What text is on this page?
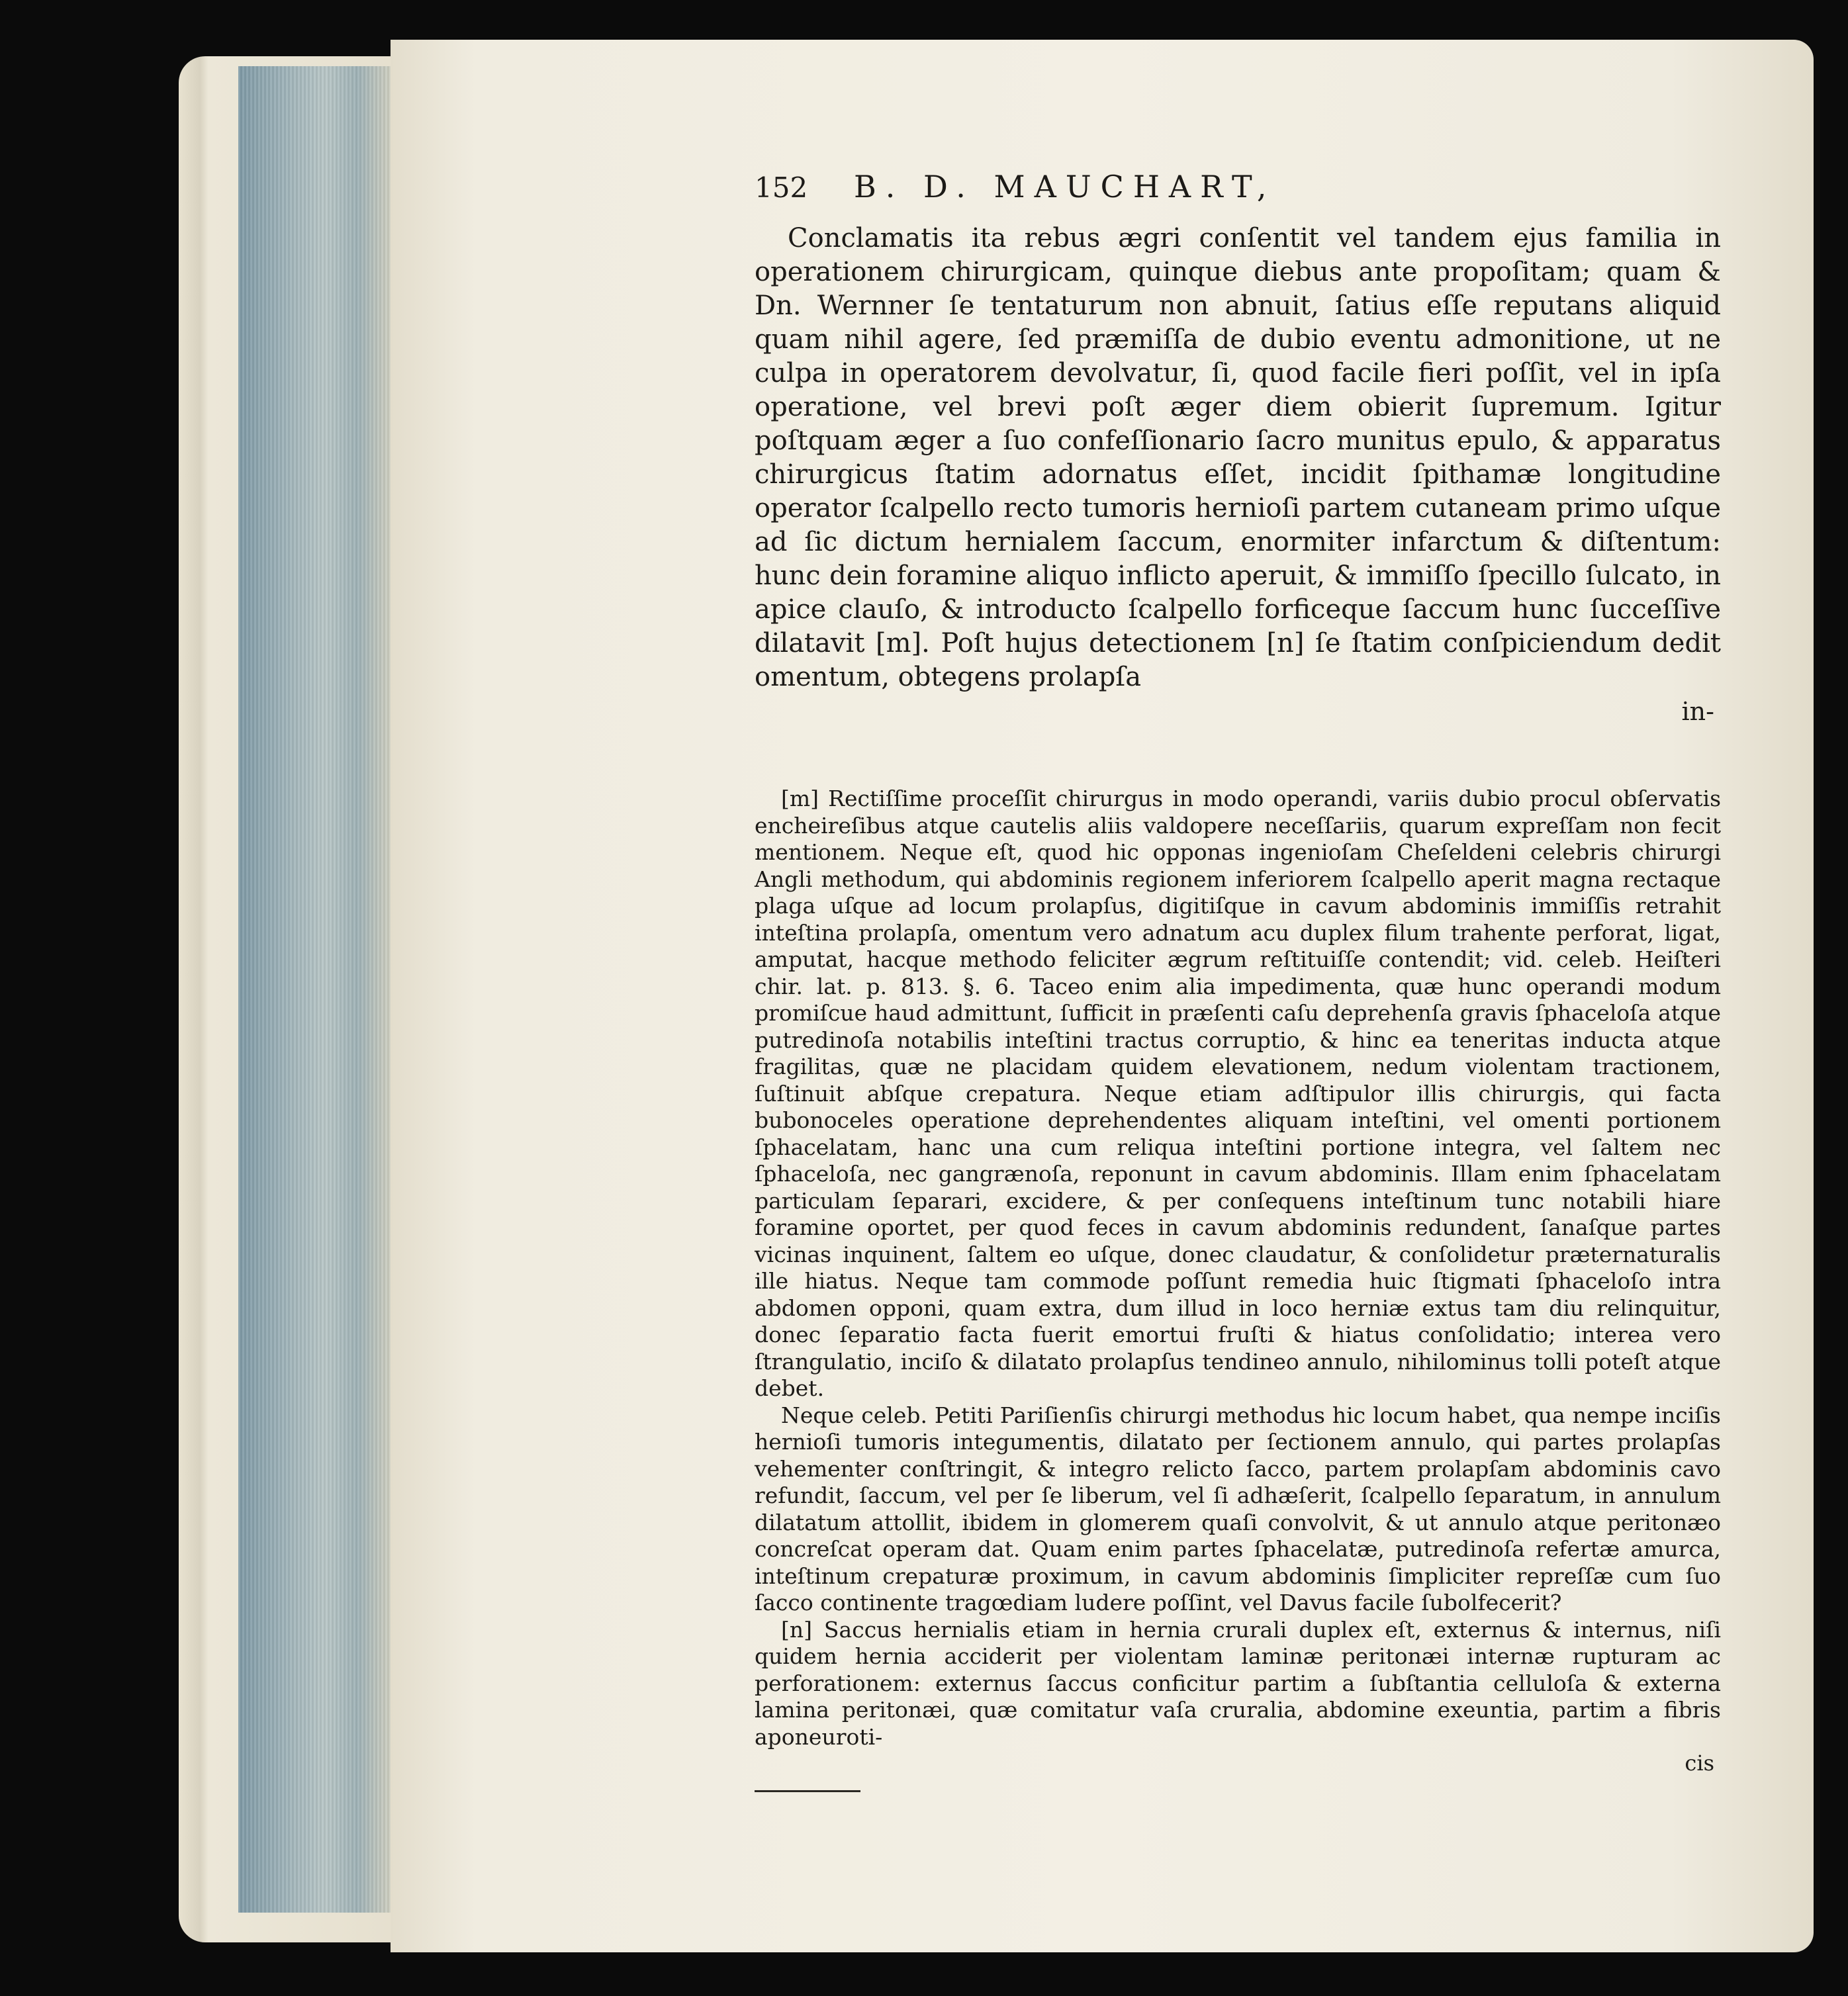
152	B. D. MAUCHART,

Conclamatis ita rebus ægri conſentit vel tandem ejus familia in operationem chirurgicam, quinque diebus ante propoſitam; quam & Dn. Wernner ſe tentaturum non abnuit, ſatius eſſe reputans aliquid quam nihil agere, ſed præmiſſa de dubio eventu admonitione, ut ne culpa in operatorem devolvatur, ſi, quod facile fieri poſſit, vel in ipſa operatione, vel brevi poſt æger diem obierit ſupremum. Igitur poſtquam æger a ſuo confeſſionario ſacro munitus epulo, & apparatus chirurgicus ſtatim adornatus eſſet, incidit ſpithamæ longitudine operator ſcalpello recto tumoris hernioſi partem cutaneam primo uſque ad ſic dictum hernialem ſaccum, enormiter infarctum & diſtentum: hunc dein foramine aliquo inflicto aperuit, & immiſſo ſpecillo ſulcato, in apice clauſo, & introducto ſcalpello forficeque ſaccum hunc ſucceſſive dilatavit [m]. Poſt hujus detectionem [n] ſe ſtatim conſpiciendum dedit omentum, obtegens prolapſa

in-

[m] Rectiſſime proceſſit chirurgus in modo operandi, variis dubio procul obſervatis encheireſibus atque cautelis aliis valdopere neceſſariis, quarum expreſſam non fecit mentionem. Neque eſt, quod hic opponas ingenioſam Cheſeldeni celebris chirurgi Angli methodum, qui abdominis regionem inferiorem ſcalpello aperit magna rectaque plaga uſque ad locum prolapſus, digitiſque in cavum abdominis immiſſis retrahit inteſtina prolapſa, omentum vero adnatum acu duplex filum trahente perforat, ligat, amputat, hacque methodo feliciter ægrum reſtituiſſe contendit; vid. celeb. Heiſteri chir. lat. p. 813. §. 6. Taceo enim alia impedimenta, quæ hunc operandi modum promiſcue haud admittunt, ſufficit in præſenti caſu deprehenſa gravis ſphaceloſa atque putredinoſa notabilis inteſtini tractus corruptio, & hinc ea teneritas inducta atque fragilitas, quæ ne placidam quidem elevationem, nedum violentam tractionem, ſuſtinuit abſque crepatura. Neque etiam adſtipulor illis chirurgis, qui facta bubonoceles operatione deprehendentes aliquam inteſtini, vel omenti portionem ſphacelatam, hanc una cum reliqua inteſtini portione integra, vel ſaltem nec ſphaceloſa, nec gangrænoſa, reponunt in cavum abdominis. Illam enim ſphacelatam particulam ſeparari, excidere, & per conſequens inteſtinum tunc notabili hiare foramine oportet, per quod feces in cavum abdominis redundent, ſanaſque partes vicinas inquinent, ſaltem eo uſque, donec claudatur, & conſolidetur præternaturalis ille hiatus. Neque tam commode poſſunt remedia huic ſtigmati ſphaceloſo intra abdomen opponi, quam extra, dum illud in loco herniæ extus tam diu relinquitur, donec ſeparatio facta fuerit emortui fruſti & hiatus conſolidatio; interea vero ſtrangulatio, inciſo & dilatato prolapſus tendineo annulo, nihilominus tolli poteſt atque debet.

Neque celeb. Petiti Pariſienſis chirurgi methodus hic locum habet, qua nempe inciſis hernioſi tumoris integumentis, dilatato per ſectionem annulo, qui partes prolapſas vehementer conſtringit, & integro relicto ſacco, partem prolapſam abdominis cavo refundit, ſaccum, vel per ſe liberum, vel ſi adhæſerit, ſcalpello ſeparatum, in annulum dilatatum attollit, ibidem in glomerem quaſi convolvit, & ut annulo atque peritonæo concreſcat operam dat. Quam enim partes ſphacelatæ, putredinoſa refertæ amurca, inteſtinum crepaturæ proximum, in cavum abdominis ſimpliciter repreſſæ cum ſuo ſacco continente tragœdiam ludere poſſint, vel Davus facile ſubolfecerit?

[n] Saccus hernialis etiam in hernia crurali duplex eſt, externus & internus, niſi quidem hernia acciderit per violentam laminæ peritonæi internæ rupturam ac perforationem: externus ſaccus conficitur partim a ſubſtantia celluloſa & externa lamina peritonæi, quæ comitatur vaſa cruralia, abdomine exeuntia, partim a fibris aponeuroti-

cis
